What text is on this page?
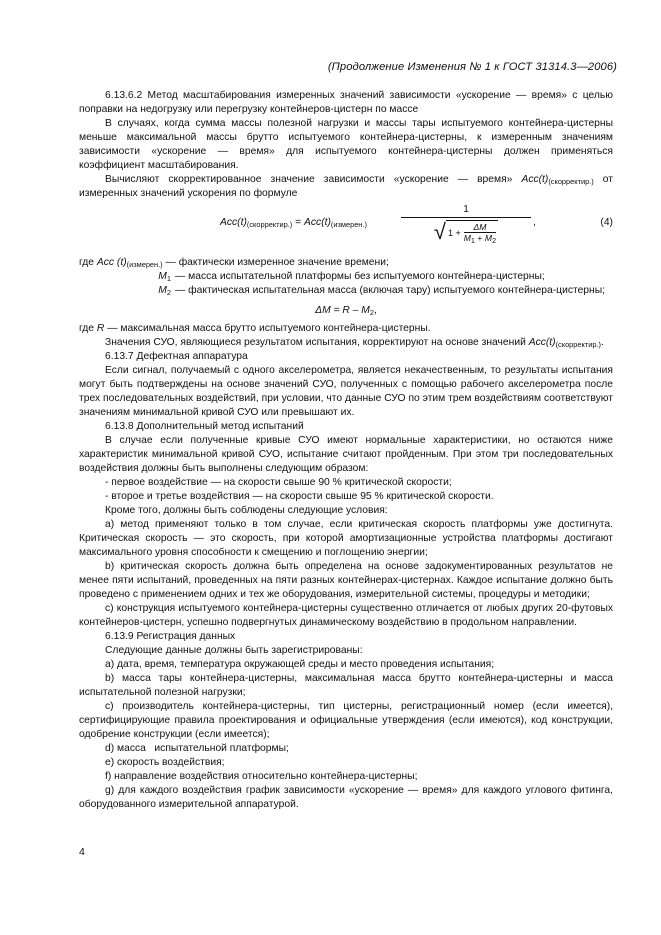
(Продолжение Изменения № 1 к ГОСТ 31314.3—2006)

6.13.6.2 Метод масштабирования измеренных значений зависимости «ускорение — время» с целью поправки на недогрузку или перегрузку контейнеров-цистерн по массе

В случаях, когда сумма массы полезной нагрузки и массы тары испытуемого контейнера-цистерны меньше максимальной массы брутто испытуемого контейнера-цистерны, к измеренным значениям зависимости «ускорение — время» для испытуемого контейнера-цистерны должен применяться коэффициент масштабирования.

Вычисляют скорректированное значение зависимости «ускорение — время» $Acc(t)_{(скорректир.)}$ от измеренных значений ускорения по формуле

$Acc(t)_{(скорректир.)} = Acc(t)_{(измерен.)}$
1
√ $1 + \frac{\Delta M}{M_1 + M_2}$	,	(4)
где Acc $(t)_{(измерен.)}$ — фактически измеренное значение времени;
$M_1$ — масса испытательной платформы без испытуемого контейнера-цистерны;
$M_2$ — фактическая испытательная масса (включая тару) испытуемого контейнера-цистерны;

$\Delta M = R - M_2$,

где R — максимальная масса брутто испытуемого контейнера-цистерны.

Значения СУО, являющиеся результатом испытания, корректируют на основе значений $Acc(t)_{(скорректир.)}$.

6.13.7 Дефектная аппаратура

Если сигнал, получаемый с одного акселерометра, является некачественным, то результаты испытания могут быть подтверждены на основе значений СУО, полученных с помощью рабочего акселерометра после трех последовательных воздействий, при условии, что данные СУО по этим трем воздействиям соответствуют значениям минимальной кривой СУО или превышают их.

6.13.8 Дополнительный метод испытаний

В случае если полученные кривые СУО имеют нормальные характеристики, но остаются ниже характеристик минимальной кривой СУО, испытание считают пройденным. При этом три последовательных воздействия должны быть выполнены следующим образом:

- первое воздействие — на скорости свыше 90 % критической скорости;

- второе и третье воздействия — на скорости свыше 95 % критической скорости.

Кроме того, должны быть соблюдены следующие условия:

а) метод применяют только в том случае, если критическая скорость платформы уже достигнута. Критическая скорость — это скорость, при которой амортизационные устройства платформы достигают максимального уровня способности к смещению и поглощению энергии;

b) критическая скорость должна быть определена на основе задокументированных результатов не менее пяти испытаний, проведенных на пяти разных контейнерах-цистернах. Каждое испытание должно быть проведено с применением одних и тех же оборудования, измерительной системы, процедуры и методики;

c) конструкция испытуемого контейнера-цистерны существенно отличается от любых других 20-футовых контейнеров-цистерн, успешно подвергнутых динамическому воздействию в продольном направлении.

6.13.9 Регистрация данных

Следующие данные должны быть зарегистрированы:

а) дата, время, температура окружающей среды и место проведения испытания;

b) масса тары контейнера-цистерны, максимальная масса брутто контейнера-цистерны и масса испытательной полезной нагрузки;

c) производитель контейнера-цистерны, тип цистерны, регистрационный номер (если имеется), сертифицирующие правила проектирования и официальные утверждения (если имеются), код конструкции, одобрение конструкции (если имеется);

d) масса   испытательной платформы;

e) скорость воздействия;

f) направление воздействия относительно контейнера-цистерны;

g) для каждого воздействия график зависимости «ускорение — время» для каждого углового фитинга, оборудованного измерительной аппаратурой.

4
